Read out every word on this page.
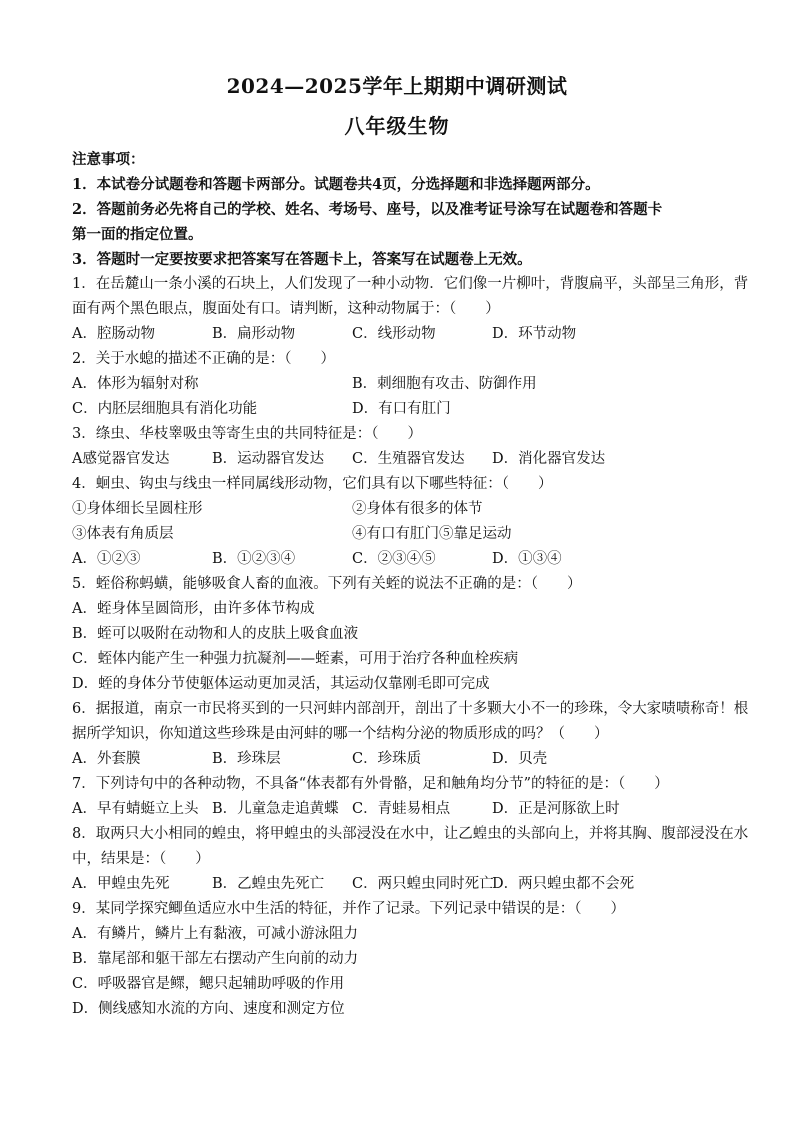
2024—2025学年上期期中调研测试
八年级生物
注意事项：
1．本试卷分试题卷和答题卡两部分。试题卷共4页，分选择题和非选择题两部分。
2．答题前务必先将自己的学校、姓名、考场号、座号，以及准考证号涂写在试题卷和答题卡
第一面的指定位置。
3．答题时一定要按要求把答案写在答题卡上，答案写在试题卷上无效。
1．在岳麓山一条小溪的石块上，人们发现了一种小动物．它们像一片柳叶，背腹扁平，头部呈三角形，背
面有两个黑色眼点，腹面处有口。请判断，这种动物属于：（　　）
A．腔肠动物	B．扁形动物	C．线形动物	D．环节动物
2．关于水螅的描述不正确的是：（　　）
A．体形为辐射对称	B．刺细胞有攻击、防御作用
C．内胚层细胞具有消化功能	D．有口有肛门
3．绦虫、华枝睾吸虫等寄生虫的共同特征是：（　　）
A感觉器官发达	B．运动器官发达	C．生殖器官发达	D．消化器官发达
4．蛔虫、钩虫与线虫一样同属线形动物，它们具有以下哪些特征：（　　）
①身体细长呈圆柱形	②身体有很多的体节
③体表有角质层	④有口有肛门⑤靠足运动
A．①②③	B．①②③④	C．②③④⑤	D．①③④
5．蛭俗称蚂蟥，能够吸食人畜的血液。下列有关蛭的说法不正确的是：（　　）
A．蛭身体呈圆筒形，由许多体节构成
B．蛭可以吸附在动物和人的皮肤上吸食血液
C．蛭体内能产生一种强力抗凝剂——蛭素，可用于治疗各种血栓疾病
D．蛭的身体分节使躯体运动更加灵活，其运动仅靠刚毛即可完成
6．据报道，南京一市民将买到的一只河蚌内部剖开，剖出了十多颗大小不一的珍珠，令大家啧啧称奇！根
据所学知识，你知道这些珍珠是由河蚌的哪一个结构分泌的物质形成的吗？（　　）
A．外套膜	B．珍珠层	C．珍珠质	D．贝壳
7．下列诗句中的各种动物，不具备“体表都有外骨骼，足和触角均分节”的特征的是：（　　）
A．早有蜻蜓立上头 B．儿童急走追黄蝶 C．青蛙易相点	D．正是河豚欲上时
8．取两只大小相同的蝗虫，将甲蝗虫的头部浸没在水中，让乙蝗虫的头部向上，并将其胸、腹部浸没在水
中，结果是：（　　）
A．甲蝗虫先死	B．乙蝗虫先死亡	C．两只蝗虫同时死亡
D．两只蝗虫都不会死
9．某同学探究鲫鱼适应水中生活的特征，并作了记录。下列记录中错误的是：（　　）
A．有鳞片，鳞片上有黏液，可减小游泳阻力
B．靠尾部和躯干部左右摆动产生向前的动力
C．呼吸器官是鳏，鳃只起辅助呼吸的作用
D．侧线感知水流的方向、速度和测定方位
